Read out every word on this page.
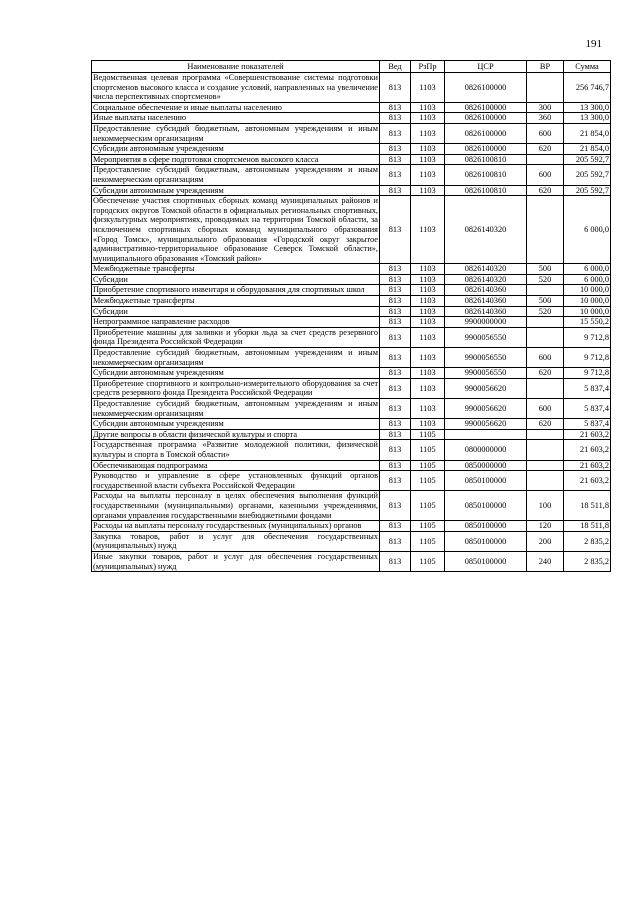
191
Наименование показателей	Вед	РзПр	ЦСР	ВР	Сумма
Ведомственная целевая программа «Совершенствование системы подготовки спортсменов высокого класса и создание условий, направленных на увеличение числа перспективных спортсменов»	813	1103	0826100000		256 746,7
Социальное обеспечение и иные выплаты населению	813	1103	0826100000	300	13 300,0
Иные выплаты населению	813	1103	0826100000	360	13 300,0
Предоставление субсидий бюджетным, автономным учреждениям и иным некоммерческим организациям	813	1103	0826100000	600	21 854,0
Субсидии автономным учреждениям	813	1103	0826100000	620	21 854,0
Мероприятия в сфере подготовки спортсменов высокого класса	813	1103	0826100810		205 592,7
Предоставление субсидий бюджетным, автономным учреждениям и иным некоммерческим организациям	813	1103	0826100810	600	205 592,7
Субсидии автономным учреждениям	813	1103	0826100810	620	205 592,7
Обеспечение участия спортивных сборных команд муниципальных районов и городских округов Томской области в официальных региональных спортивных, физкультурных мероприятиях, проводимых на территории Томской области, за исключением спортивных сборных команд муниципального образования «Город Томск», муниципального образования «Городской округ закрытое административно-территориальное образование Северск Томской области», муниципального образования «Томский район»	813	1103	0826140320		6 000,0
Межбюджетные трансферты	813	1103	0826140320	500	6 000,0
Субсидии	813	1103	0826140320	520	6 000,0
Приобретение спортивного инвентаря и оборудования для спортивных школ	813	1103	0826140360		10 000,0
Межбюджетные трансферты	813	1103	0826140360	500	10 000,0
Субсидии	813	1103	0826140360	520	10 000,0
Непрограммное направление расходов	813	1103	9900000000		15 550,2
Приобретение машины для заливки и уборки льда за счет средств резервного фонда Президента Российской Федерации	813	1103	9900056550		9 712,8
Предоставление субсидий бюджетным, автономным учреждениям и иным некоммерческим организациям	813	1103	9900056550	600	9 712,8
Субсидии автономным учреждениям	813	1103	9900056550	620	9 712,8
Приобретение спортивного и контрольно-измерительного оборудования за счет средств резервного фонда Президента Российской Федерации	813	1103	9900056620		5 837,4
Предоставление субсидий бюджетным, автономным учреждениям и иным некоммерческим организациям	813	1103	9900056620	600	5 837,4
Субсидии автономным учреждениям	813	1103	9900056620	620	5 837,4
Другие вопросы в области физической культуры и спорта	813	1105			21 603,2
Государственная программа «Развитие молодежной политики, физической культуры и спорта в Томской области»	813	1105	0800000000		21 603,2
Обеспечивающая подпрограмма	813	1105	0850000000		21 603,2
Руководство и управление в сфере установленных функций органов государственной власти субъекта Российской Федерации	813	1105	0850100000		21 603,2
Расходы на выплаты персоналу в целях обеспечения выполнения функций государственными (муниципальными) органами, казенными учреждениями, органами управления государственными внебюджетными фондами	813	1105	0850100000	100	18 511,8
Расходы на выплаты персоналу государственных (муниципальных) органов	813	1105	0850100000	120	18 511,8
Закупка товаров, работ и услуг для обеспечения государственных (муниципальных) нужд	813	1105	0850100000	200	2 835,2
Иные закупки товаров, работ и услуг для обеспечения государственных (муниципальных) нужд	813	1105	0850100000	240	2 835,2
